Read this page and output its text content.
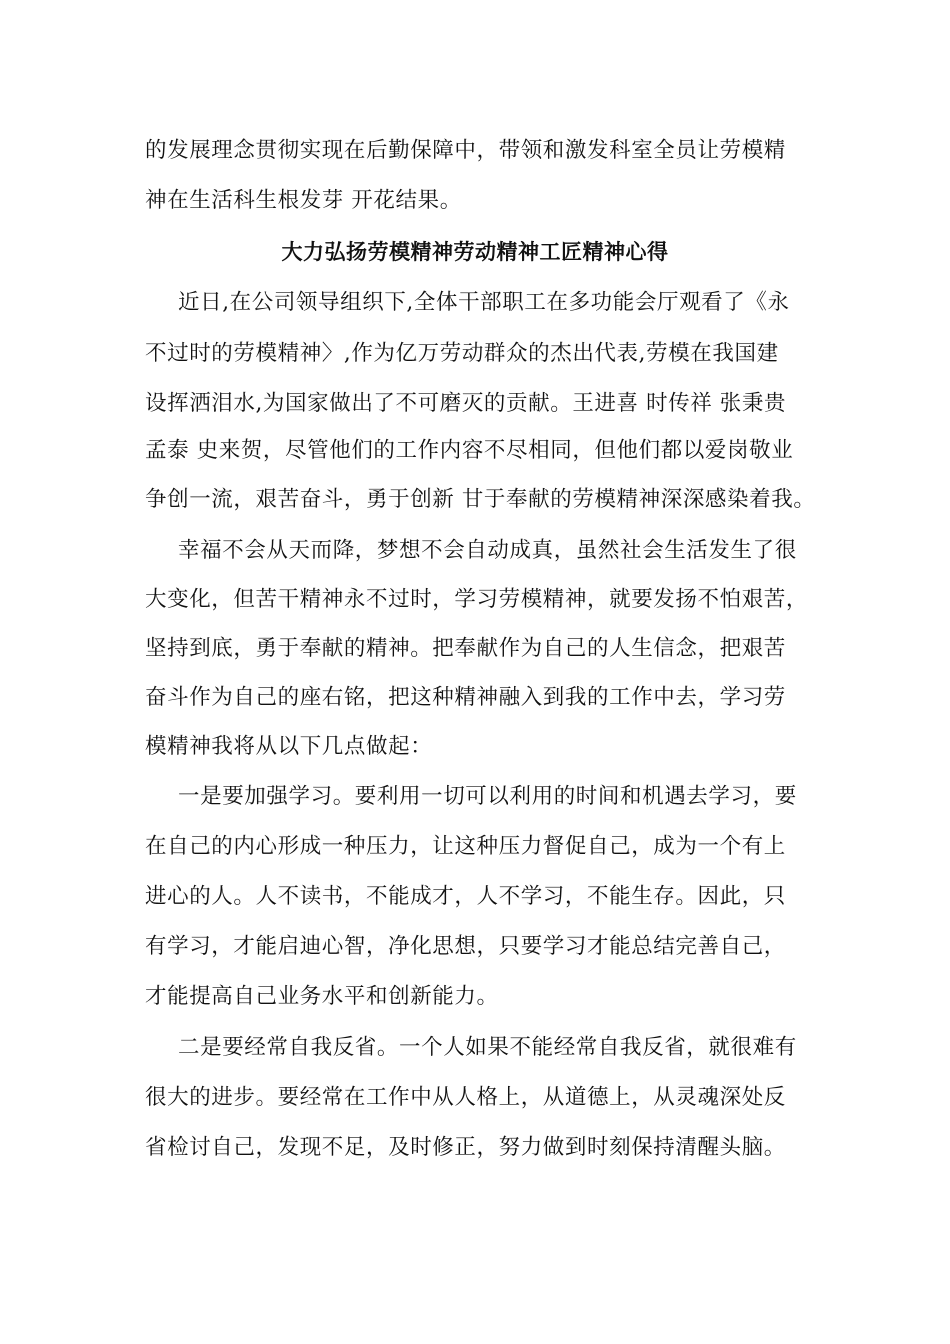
的发展理念贯彻实现在后勤保障中，带领和激发科室全员让劳模精
神在生活科生根发芽 开花结果。
大力弘扬劳模精神劳动精神工匠精神心得
近日,在公司领导组织下,全体干部职工在多功能会厅观看了《永
不过时的劳模精神〉,作为亿万劳动群众的杰出代表,劳模在我国建
设挥洒泪水,为国家做出了不可磨灭的贡献。王进喜 时传祥 张秉贵
孟泰 史来贺，尽管他们的工作内容不尽相同，但他们都以爱岗敬业
争创一流，艰苦奋斗，勇于创新 甘于奉献的劳模精神深深感染着我。
幸福不会从天而降，梦想不会自动成真，虽然社会生活发生了很
大变化，但苦干精神永不过时，学习劳模精神，就要发扬不怕艰苦，
坚持到底，勇于奉献的精神。把奉献作为自己的人生信念，把艰苦
奋斗作为自己的座右铭，把这种精神融入到我的工作中去，学习劳
模精神我将从以下几点做起：
一是要加强学习。要利用一切可以利用的时间和机遇去学习，要
在自己的内心形成一种压力，让这种压力督促自己，成为一个有上
进心的人。人不读书，不能成才，人不学习，不能生存。因此，只
有学习，才能启迪心智，净化思想，只要学习才能总结完善自己，
才能提高自己业务水平和创新能力。
二是要经常自我反省。一个人如果不能经常自我反省，就很难有
很大的进步。要经常在工作中从人格上，从道德上，从灵魂深处反
省检讨自己，发现不足，及时修正，努力做到时刻保持清醒头脑。
